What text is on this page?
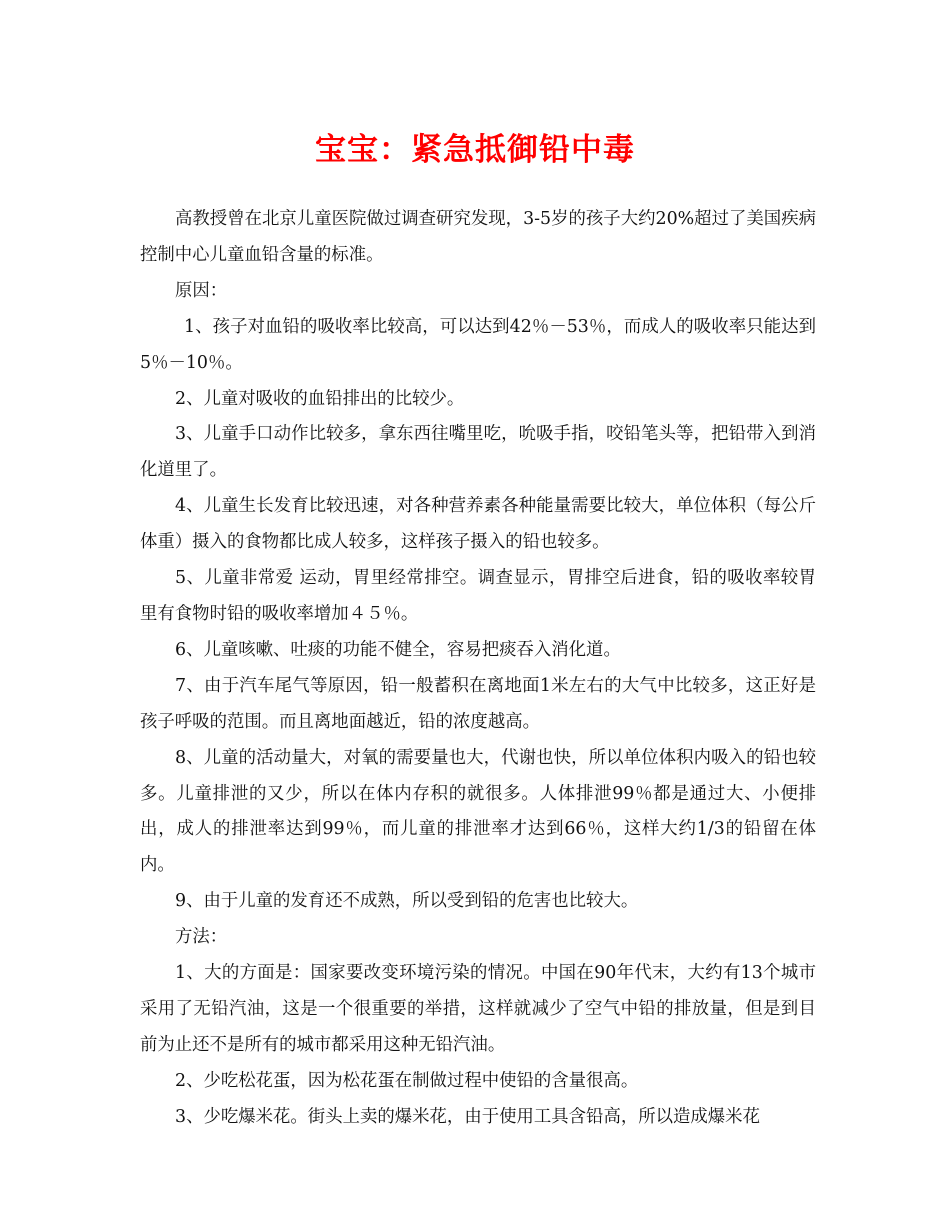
宝宝：紧急抵御铅中毒

高教授曾在北京儿童医院做过调查研究发现，3-5岁的孩子大约20%超过了美国疾病控制中心儿童血铅含量的标准。

原因：

1、孩子对血铅的吸收率比较高，可以达到42％－53％，而成人的吸收率只能达到5％－10％。

2、儿童对吸收的血铅排出的比较少。

3、儿童手口动作比较多，拿东西往嘴里吃，吮吸手指，咬铅笔头等，把铅带入到消化道里了。

4、儿童生长发育比较迅速，对各种营养素各种能量需要比较大，单位体积（每公斤体重）摄入的食物都比成人较多，这样孩子摄入的铅也较多。

5、儿童非常爱 运动，胃里经常排空。调查显示，胃排空后进食，铅的吸收率较胃里有食物时铅的吸收率增加４５％。

6、儿童咳嗽、吐痰的功能不健全，容易把痰吞入消化道。

7、由于汽车尾气等原因，铅一般蓄积在离地面1米左右的大气中比较多，这正好是孩子呼吸的范围。而且离地面越近，铅的浓度越高。

8、儿童的活动量大，对氧的需要量也大，代谢也快，所以单位体积内吸入的铅也较多。儿童排泄的又少，所以在体内存积的就很多。人体排泄99％都是通过大、小便排出，成人的排泄率达到99％，而儿童的排泄率才达到66％，这样大约1/3的铅留在体内。

9、由于儿童的发育还不成熟，所以受到铅的危害也比较大。

方法：

1、大的方面是：国家要改变环境污染的情况。中国在90年代末，大约有13个城市采用了无铅汽油，这是一个很重要的举措，这样就减少了空气中铅的排放量，但是到目前为止还不是所有的城市都采用这种无铅汽油。

2、少吃松花蛋，因为松花蛋在制做过程中使铅的含量很高。

3、少吃爆米花。街头上卖的爆米花，由于使用工具含铅高，所以造成爆米花
